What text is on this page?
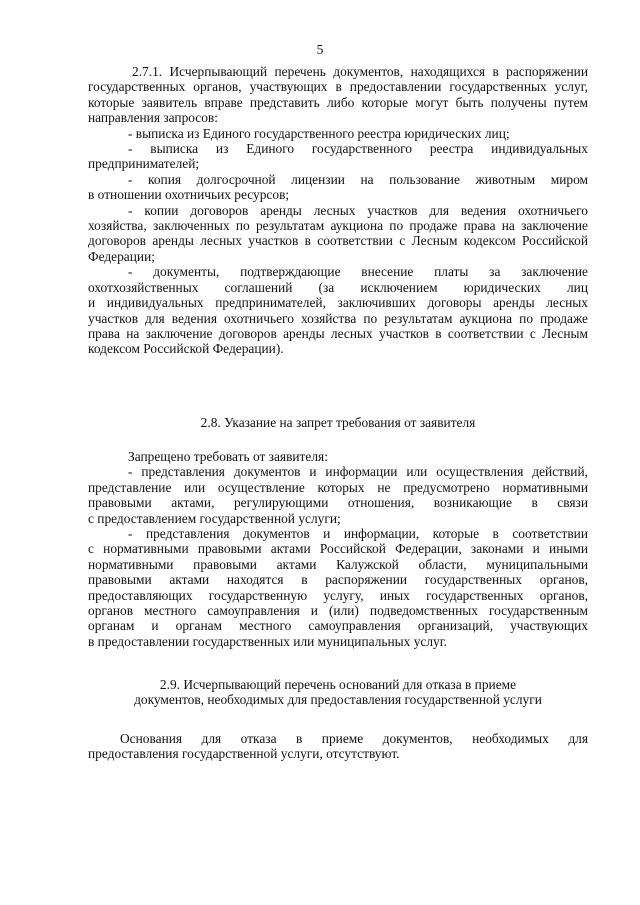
5
2.7.1. Исчерпывающий перечень документов, находящихся в распоряжении
государственных органов, участвующих в предоставлении государственных услуг,
которые заявитель вправе представить либо которые могут быть получены путем
направления запросов:
- выписка из Единого государственного реестра юридических лиц;
- выписка из Единого государственного реестра индивидуальных
предпринимателей;
- копия долгосрочной лицензии на пользование животным миром
в отношении охотничьих ресурсов;
- копии договоров аренды лесных участков для ведения охотничьего
хозяйства, заключенных по результатам аукциона по продаже права на заключение
договоров аренды лесных участков в соответствии с Лесным кодексом Российской
Федерации;
- документы, подтверждающие внесение платы за заключение
охотхозяйственных соглашений (за исключением юридических лиц
и индивидуальных предпринимателей, заключивших договоры аренды лесных
участков для ведения охотничьего хозяйства по результатам аукциона по продаже
права на заключение договоров аренды лесных участков в соответствии с Лесным
кодексом Российской Федерации).
2.8. Указание на запрет требования от заявителя
Запрещено требовать от заявителя:
- представления документов и информации или осуществления действий,
представление или осуществление которых не предусмотрено нормативными
правовыми актами, регулирующими отношения, возникающие в связи
с предоставлением государственной услуги;
- представления документов и информации, которые в соответствии
с нормативными правовыми актами Российской Федерации, законами и иными
нормативными правовыми актами Калужской области, муниципальными
правовыми актами находятся в распоряжении государственных органов,
предоставляющих государственную услугу, иных государственных органов,
органов местного самоуправления и (или) подведомственных государственным
органам и органам местного самоуправления организаций, участвующих
в предоставлении государственных или муниципальных услуг.
2.9. Исчерпывающий перечень оснований для отказа в приеме
документов, необходимых для предоставления государственной услуги
Основания для отказа в приеме документов, необходимых для
предоставления государственной услуги, отсутствуют.
